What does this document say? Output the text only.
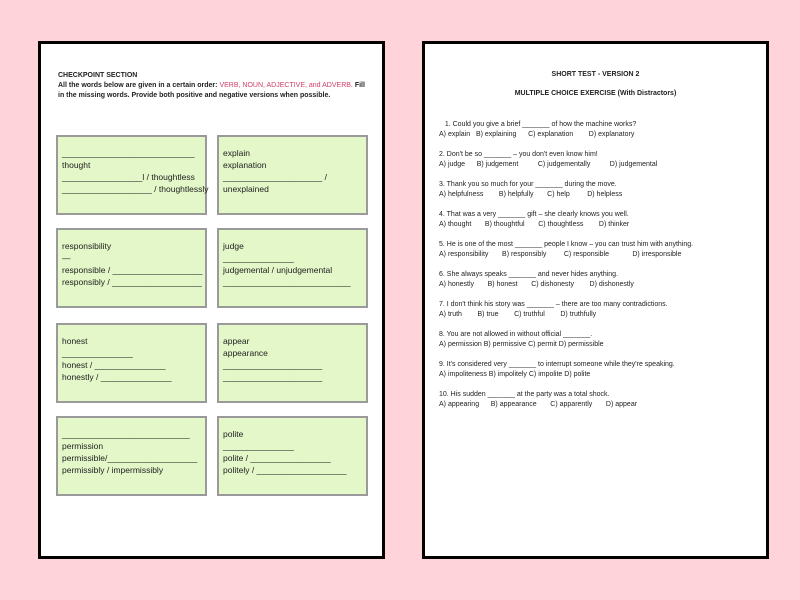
CHECKPOINT SECTION
All the words below are given in a certain order: VERB, NOUN, ADJECTIVE, and ADVERB. Fill in the missing words. Provide both positive and negative versions when possible.
____________________________
thought
_________________l / thoughtless
___________________ / thoughtlessly
explain
explanation
_____________________ /
unexplained
responsibility
—
responsible / ___________________
responsibly / ___________________
judge
_______________
judgemental / unjudgemental
___________________________
honest
_______________
honest / _______________
honestly / _______________
appear
appearance
_____________________
_____________________
___________________________
permission
permissible/___________________
permissibly / impermissibly
polite
_______________
polite / _________________
politely / ___________________
SHORT TEST - VERSION 2
MULTIPLE CHOICE EXERCISE (With Distractors)
1. Could you give a brief _______ of how the machine works?
A) explain   B) explaining      C) explanation        D) explanatory
2. Don't be so _______ – you don't even know him!
A) judge      B) judgement          C) judgementally          D) judgemental
3. Thank you so much for your _______ during the move.
A) helpfulness        B) helpfully       C) help         D) helpless
4. That was a very _______ gift – she clearly knows you well.
A) thought       B) thoughtful       C) thoughtless        D) thinker
5. He is one of the most _______ people I know – you can trust him with anything.
A) responsibility       B) responsibly         C) responsible            D) irresponsible
6. She always speaks _______ and never hides anything.
A) honestly       B) honest       C) dishonesty        D) dishonestly
7. I don't think his story was _______ – there are too many contradictions.
A) truth        B) true        C) truthful        D) truthfully
8. You are not allowed in without official _______.
A) permission B) permissive C) permit D) permissible
9. It's considered very _______ to interrupt someone while they're speaking.
A) impoliteness B) impolitely C) impolite D) polite
10. His sudden _______ at the party was a total shock.
A) appearing      B) appearance       C) apparently       D) appear
